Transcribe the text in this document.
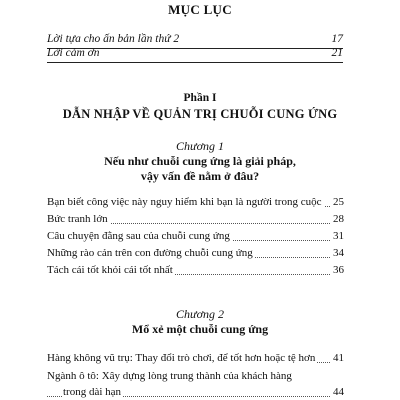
MỤC LỤC
Lời tựa cho ấn bản lần thứ 2	17
Lời cảm ơn	21
Phần I
DẪN NHẬP VỀ QUẢN TRỊ CHUỖI CUNG ỨNG
Chương 1
Nếu như chuỗi cung ứng là giải pháp,
vậy vấn đề nằm ở đâu?
Bạn biết công việc này nguy hiểm khi bạn là người trong cuộc 25
Bức tranh lớn	28
Câu chuyện đằng sau của chuỗi cung ứng	31
Những rào cản trên con đường chuỗi cung ứng	34
Tách cái tốt khỏi cái tốt nhất	36
Chương 2
Mổ xẻ một chuỗi cung ứng
Hàng không vũ trụ: Thay đổi trò chơi, để tốt hơn hoặc tệ hơn 41
Ngành ô tô: Xây dựng lòng trung thành của khách hàng
trong dài hạn	44
